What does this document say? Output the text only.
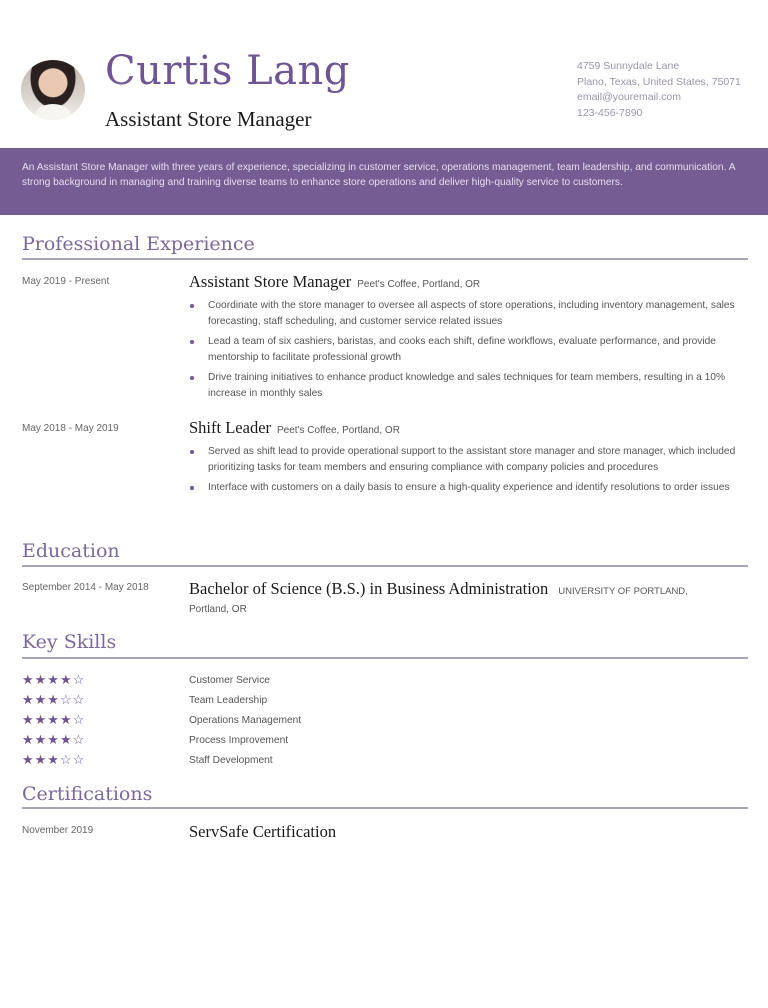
Curtis Lang
Assistant Store Manager
4759 Sunnydale Lane
Plano, Texas, United States, 75071
email@youremail.com
123-456-7890
An Assistant Store Manager with three years of experience, specializing in customer service, operations management, team leadership, and communication. A strong background in managing and training diverse teams to enhance store operations and deliver high-quality service to customers.
Professional Experience
May 2019 - Present	Assistant Store Manager Peet's Coffee, Portland, OR
Coordinate with the store manager to oversee all aspects of store operations, including inventory management, sales forecasting, staff scheduling, and customer service related issues
Lead a team of six cashiers, baristas, and cooks each shift, define workflows, evaluate performance, and provide mentorship to facilitate professional growth
Drive training initiatives to enhance product knowledge and sales techniques for team members, resulting in a 10% increase in monthly sales
May 2018 - May 2019	Shift Leader Peet's Coffee, Portland, OR
Served as shift lead to provide operational support to the assistant store manager and store manager, which included prioritizing tasks for team members and ensuring compliance with company policies and procedures
Interface with customers on a daily basis to ensure a high-quality experience and identify resolutions to order issues
Education
September 2014 - May 2018 Bachelor of Science (B.S.) in Business Administration UNIVERSITY OF PORTLAND,
Portland, OR
Key Skills
★★★★☆	Customer Service
★★★☆☆	Team Leadership
★★★★☆	Operations Management
★★★★☆	Process Improvement
★★★☆☆	Staff Development
Certifications
November 2019	ServSafe Certification
